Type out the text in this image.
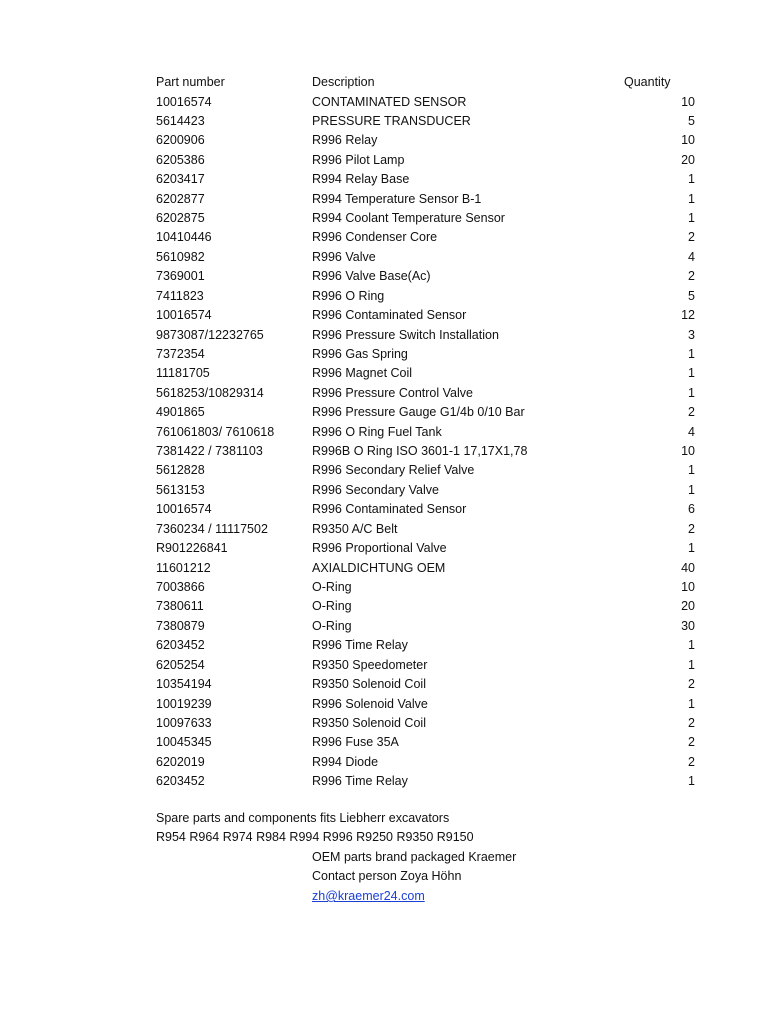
Part number	Description	Quantity
10016574	CONTAMINATED SENSOR	10
5614423	PRESSURE TRANSDUCER	5
6200906	R996 Relay	10
6205386	R996 Pilot Lamp	20
6203417	R994 Relay Base	1
6202877	R994 Temperature Sensor B-1	1
6202875	R994 Coolant Temperature Sensor	1
10410446	R996 Condenser Core	2
5610982	R996 Valve	4
7369001	R996 Valve Base(Ac)	2
7411823	R996 O Ring	5
10016574	R996 Contaminated Sensor	12
9873087/12232765	R996 Pressure Switch Installation	3
7372354	R996 Gas Spring	1
11181705	R996 Magnet Coil	1
5618253/10829314	R996 Pressure Control Valve	1
4901865	R996 Pressure Gauge G1/4b 0/10 Bar	2
761061803/ 7610618	R996 O Ring Fuel Tank	4
7381422 / 7381103	R996B O Ring ISO 3601-1 17,17X1,78	10
5612828	R996 Secondary Relief Valve	1
5613153	R996 Secondary Valve	1
10016574	R996 Contaminated Sensor	6
7360234 / 11117502	R9350 A/C Belt	2
R901226841	R996 Proportional Valve	1
11601212	AXIALDICHTUNG OEM	40
7003866	O-Ring	10
7380611	O-Ring	20
7380879	O-Ring	30
6203452	R996 Time Relay	1
6205254	R9350 Speedometer	1
10354194	R9350 Solenoid Coil	2
10019239	R996 Solenoid Valve	1
10097633	R9350 Solenoid Coil	2
10045345	R996 Fuse 35A	2
6202019	R994 Diode	2
6203452	R996 Time Relay	1
Spare parts and components fits Liebherr excavators
R954 R964 R974 R984 R994 R996 R9250 R9350 R9150
OEM parts brand packaged Kraemer
Contact person Zoya Höhn
zh@kraemer24.com
